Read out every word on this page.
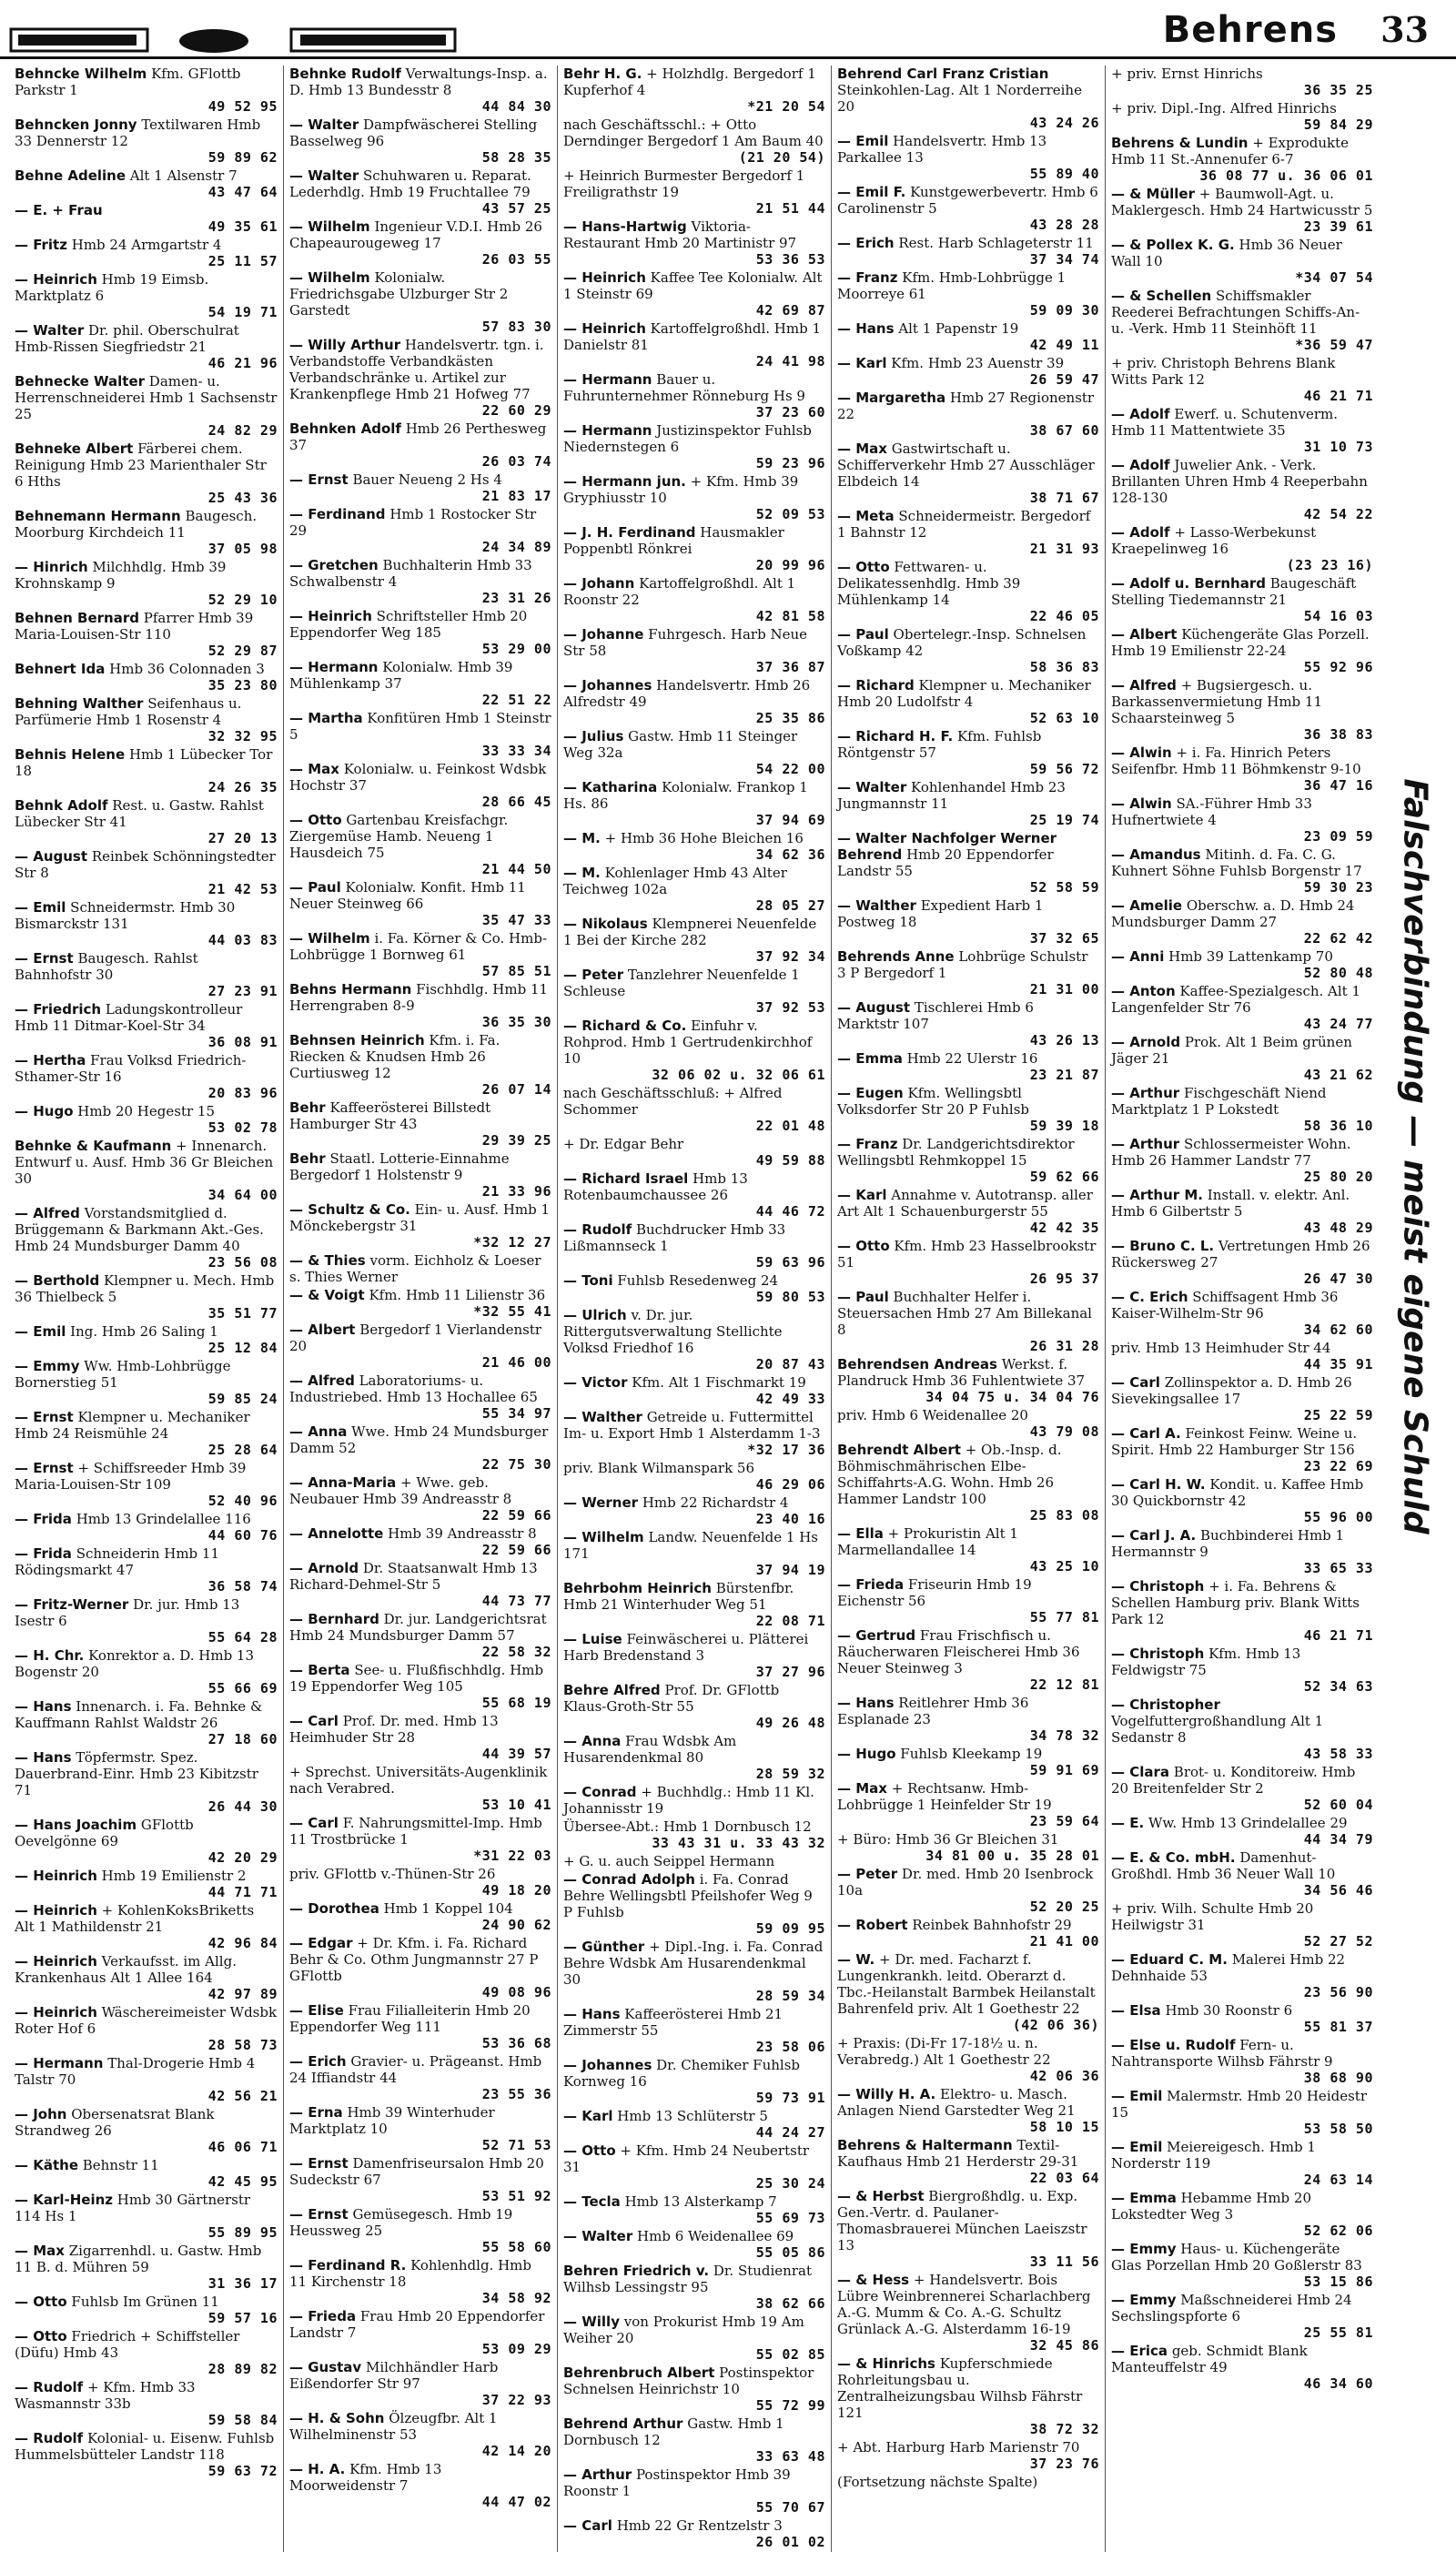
Behrens 33
Behncke Wilhelm Kfm. GFlottb Parkstr 1
49 52 95
Behncken Jonny Textilwaren Hmb 33 Dennerstr 12
59 89 62
Behne Adeline Alt 1 Alsenstr 7
43 47 64
— E. + Frau
49 35 61
— Fritz Hmb 24 Armgartstr 4
25 11 57
— Heinrich Hmb 19 Eimsb. Marktplatz 6
54 19 71
— Walter Dr. phil. Oberschulrat Hmb-Rissen Siegfriedstr 21
46 21 96
Behnecke Walter Damen- u. Herrenschneiderei Hmb 1 Sachsenstr 25
24 82 29
Behneke Albert Färberei chem. Reinigung Hmb 23 Marienthaler Str 6 Hths
25 43 36
Behnemann Hermann Baugesch. Moorburg Kirchdeich 11
37 05 98
— Hinrich Milchhdlg. Hmb 39 Krohnskamp 9
52 29 10
Behnen Bernard Pfarrer Hmb 39 Maria-Louisen-Str 110
52 29 87
Behnert Ida Hmb 36 Colonnaden 3
35 23 80
Behning Walther Seifenhaus u. Parfümerie Hmb 1 Rosenstr 4
32 32 95
Behnis Helene Hmb 1 Lübecker Tor 18
24 26 35
Behnk Adolf Rest. u. Gastw. Rahlst Lübecker Str 41
27 20 13
— August Reinbek Schönningstedter Str 8
21 42 53
— Emil Schneidermstr. Hmb 30 Bismarckstr 131
44 03 83
— Ernst Baugesch. Rahlst Bahnhofstr 30
27 23 91
— Friedrich Ladungskontrolleur Hmb 11 Ditmar-Koel-Str 34
36 08 91
— Hertha Frau Volksd Friedrich-Sthamer-Str 16
20 83 96
— Hugo Hmb 20 Hegestr 15
53 02 78
Behnke & Kaufmann + Innenarch. Entwurf u. Ausf. Hmb 36 Gr Bleichen 30
34 64 00
— Alfred Vorstandsmitglied d. Brüggemann & Barkmann Akt.-Ges. Hmb 24 Mundsburger Damm 40
23 56 08
— Berthold Klempner u. Mech. Hmb 36 Thielbeck 5
35 51 77
— Emil Ing. Hmb 26 Saling 1
25 12 84
— Emmy Ww. Hmb-Lohbrügge Bornerstieg 51
59 85 24
— Ernst Klempner u. Mechaniker Hmb 24 Reismühle 24
25 28 64
— Ernst + Schiffsreeder Hmb 39 Maria-Louisen-Str 109
52 40 96
— Frida Hmb 13 Grindelallee 116
44 60 76
— Frida Schneiderin Hmb 11 Rödingsmarkt 47
36 58 74
— Fritz-Werner Dr. jur. Hmb 13 Isestr 6
55 64 28
— H. Chr. Konrektor a. D. Hmb 13 Bogenstr 20
55 66 69
— Hans Innenarch. i. Fa. Behnke & Kauffmann Rahlst Waldstr 26
27 18 60
— Hans Töpfermstr. Spez. Dauerbrand-Einr. Hmb 23 Kibitzstr 71
26 44 30
— Hans Joachim GFlottb Oevelgönne 69
42 20 29
— Heinrich Hmb 19 Emilienstr 2
44 71 71
— Heinrich + KohlenKoksBriketts Alt 1 Mathildenstr 21
42 96 84
— Heinrich Verkaufsst. im Allg. Krankenhaus Alt 1 Allee 164
42 97 89
— Heinrich Wäschereimeister Wdsbk Roter Hof 6
28 58 73
— Hermann Thal-Drogerie Hmb 4 Talstr 70
42 56 21
— John Obersenatsrat Blank Strandweg 26
46 06 71
— Käthe Behnstr 11
42 45 95
— Karl-Heinz Hmb 30 Gärtnerstr 114 Hs 1
55 89 95
— Max Zigarrenhdl. u. Gastw. Hmb 11 B. d. Mühren 59
31 36 17
— Otto Fuhlsb Im Grünen 11
59 57 16
— Otto Friedrich + Schiffsteller (Düfu) Hmb 43
28 89 82
— Rudolf + Kfm. Hmb 33 Wasmannstr 33b
59 58 84
— Rudolf Kolonial- u. Eisenw. Fuhlsb Hummelsbütteler Landstr 118
59 63 72
Behnke Rudolf Verwaltungs-Insp. a. D. Hmb 13 Bundesstr 8
44 84 30
— Walter Dampfwäscherei Stelling Basselweg 96
58 28 35
— Walter Schuhwaren u. Reparat. Lederhdlg. Hmb 19 Fruchtallee 79
43 57 25
— Wilhelm Ingenieur V.D.I. Hmb 26 Chapeaurougeweg 17
26 03 55
— Wilhelm Kolonialw. Friedrichsgabe Ulzburger Str 2 Garstedt
57 83 30
— Willy Arthur Handelsvertr. tgn. i. Verbandstoffe Verbandkästen Verbandschränke u. Artikel zur Krankenpflege Hmb 21 Hofweg 77
22 60 29
Behnken Adolf Hmb 26 Perthesweg 37
26 03 74
— Ernst Bauer Neueng 2 Hs 4
21 83 17
— Ferdinand Hmb 1 Rostocker Str 29
24 34 89
— Gretchen Buchhalterin Hmb 33 Schwalbenstr 4
23 31 26
— Heinrich Schriftsteller Hmb 20 Eppendorfer Weg 185
53 29 00
— Hermann Kolonialw. Hmb 39 Mühlenkamp 37
22 51 22
— Martha Konfitüren Hmb 1 Steinstr 5
33 33 34
— Max Kolonialw. u. Feinkost Wdsbk Hochstr 37
28 66 45
— Otto Gartenbau Kreisfachgr. Ziergemüse Hamb. Neueng 1 Hausdeich 75
21 44 50
— Paul Kolonialw. Konfit. Hmb 11 Neuer Steinweg 66
35 47 33
— Wilhelm i. Fa. Körner & Co. Hmb-Lohbrügge 1 Bornweg 61
57 85 51
Behns Hermann Fischhdlg. Hmb 11 Herrengraben 8-9
36 35 30
Behnsen Heinrich Kfm. i. Fa. Riecken & Knudsen Hmb 26 Curtiusweg 12
26 07 14
Behr Kaffeerösterei Billstedt Hamburger Str 43
29 39 25
Behr Staatl. Lotterie-Einnahme Bergedorf 1 Holstenstr 9
21 33 96
— Schultz & Co. Ein- u. Ausf. Hmb 1 Mönckebergstr 31
*32 12 27
— & Thies vorm. Eichholz & Loeser s. Thies Werner
— & Voigt Kfm. Hmb 11 Lilienstr 36
*32 55 41
— Albert Bergedorf 1 Vierlandenstr 20
21 46 00
— Alfred Laboratoriums- u. Industriebed. Hmb 13 Hochallee 65
55 34 97
— Anna Wwe. Hmb 24 Mundsburger Damm 52
22 75 30
— Anna-Maria + Wwe. geb. Neubauer Hmb 39 Andreasstr 8
22 59 66
— Annelotte Hmb 39 Andreasstr 8
22 59 66
— Arnold Dr. Staatsanwalt Hmb 13 Richard-Dehmel-Str 5
44 73 77
— Bernhard Dr. jur. Landgerichtsrat Hmb 24 Mundsburger Damm 57
22 58 32
— Berta See- u. Flußfischhdlg. Hmb 19 Eppendorfer Weg 105
55 68 19
— Carl Prof. Dr. med. Hmb 13 Heimhuder Str 28
44 39 57
+ Sprechst. Universitäts-Augenklinik nach Verabred.
53 10 41
— Carl F. Nahrungsmittel-Imp. Hmb 11 Trostbrücke 1
*31 22 03
priv. GFlottb v.-Thünen-Str 26
49 18 20
— Dorothea Hmb 1 Koppel 104
24 90 62
— Edgar + Dr. Kfm. i. Fa. Richard Behr & Co. Othm Jungmannstr 27 P GFlottb
49 08 96
— Elise Frau Filialleiterin Hmb 20 Eppendorfer Weg 111
53 36 68
— Erich Gravier- u. Prägeanst. Hmb 24 Iffiandstr 44
23 55 36
— Erna Hmb 39 Winterhuder Marktplatz 10
52 71 53
— Ernst Damenfriseursalon Hmb 20 Sudeckstr 67
53 51 92
— Ernst Gemüsegesch. Hmb 19 Heussweg 25
55 58 60
— Ferdinand R. Kohlenhdlg. Hmb 11 Kirchenstr 18
34 58 92
— Frieda Frau Hmb 20 Eppendorfer Landstr 7
53 09 29
— Gustav Milchhändler Harb Eißendorfer Str 97
37 22 93
— H. & Sohn Ölzeugfbr. Alt 1 Wilhelminenstr 53
42 14 20
— H. A. Kfm. Hmb 13 Moorweidenstr 7
44 47 02
Behr H. G. + Holzhdlg. Bergedorf 1 Kupferhof 4
*21 20 54
nach Geschäftsschl.: + Otto Derndinger Bergedorf 1 Am Baum 40
(21 20 54)
+ Heinrich Burmester Bergedorf 1 Freiligrathstr 19
21 51 44
— Hans-Hartwig Viktoria-Restaurant Hmb 20 Martinistr 97
53 36 53
— Heinrich Kaffee Tee Kolonialw. Alt 1 Steinstr 69
42 69 87
— Heinrich Kartoffelgroßhdl. Hmb 1 Danielstr 81
24 41 98
— Hermann Bauer u. Fuhrunternehmer Rönneburg Hs 9
37 23 60
— Hermann Justizinspektor Fuhlsb Niedernstegen 6
59 23 96
— Hermann jun. + Kfm. Hmb 39 Gryphiusstr 10
52 09 53
— J. H. Ferdinand Hausmakler Poppenbtl Rönkrei
20 99 96
— Johann Kartoffelgroßhdl. Alt 1 Roonstr 22
42 81 58
— Johanne Fuhrgesch. Harb Neue Str 58
37 36 87
— Johannes Handelsvertr. Hmb 26 Alfredstr 49
25 35 86
— Julius Gastw. Hmb 11 Steinger Weg 32a
54 22 00
— Katharina Kolonialw. Frankop 1 Hs. 86
37 94 69
— M. + Hmb 36 Hohe Bleichen 16
34 62 36
— M. Kohlenlager Hmb 43 Alter Teichweg 102a
28 05 27
— Nikolaus Klempnerei Neuenfelde 1 Bei der Kirche 282
37 92 34
— Peter Tanzlehrer Neuenfelde 1 Schleuse
37 92 53
— Richard & Co. Einfuhr v. Rohprod. Hmb 1 Gertrudenkirchhof 10
32 06 02 u. 32 06 61
nach Geschäftsschluß: + Alfred Schommer
22 01 48
+ Dr. Edgar Behr
49 59 88
— Richard Israel Hmb 13 Rotenbaumchaussee 26
44 46 72
— Rudolf Buchdrucker Hmb 33 Lißmannseck 1
59 63 96
— Toni Fuhlsb Resedenweg 24
59 80 53
— Ulrich v. Dr. jur. Rittergutsverwaltung Stellichte Volksd Friedhof 16
20 87 43
— Victor Kfm. Alt 1 Fischmarkt 19
42 49 33
— Walther Getreide u. Futtermittel Im- u. Export Hmb 1 Alsterdamm 1-3
*32 17 36
priv. Blank Wilmanspark 56
46 29 06
— Werner Hmb 22 Richardstr 4
23 40 16
— Wilhelm Landw. Neuenfelde 1 Hs 171
37 94 19
Behrbohm Heinrich Bürstenfbr. Hmb 21 Winterhuder Weg 51
22 08 71
— Luise Feinwäscherei u. Plätterei Harb Bredenstand 3
37 27 96
Behre Alfred Prof. Dr. GFlottb Klaus-Groth-Str 55
49 26 48
— Anna Frau Wdsbk Am Husarendenkmal 80
28 59 32
— Conrad + Buchhdlg.: Hmb 11 Kl. Johannisstr 19
Übersee-Abt.: Hmb 1 Dornbusch 12
33 43 31 u. 33 43 32
+ G. u. auch Seippel Hermann
— Conrad Adolph i. Fa. Conrad Behre Wellingsbtl Pfeilshofer Weg 9 P Fuhlsb
59 09 95
— Günther + Dipl.-Ing. i. Fa. Conrad Behre Wdsbk Am Husarendenkmal 30
28 59 34
— Hans Kaffeerösterei Hmb 21 Zimmerstr 55
23 58 06
— Johannes Dr. Chemiker Fuhlsb Kornweg 16
59 73 91
— Karl Hmb 13 Schlüterstr 5
44 24 27
— Otto + Kfm. Hmb 24 Neubertstr 31
25 30 24
— Tecla Hmb 13 Alsterkamp 7
55 69 73
— Walter Hmb 6 Weidenallee 69
55 05 86
Behren Friedrich v. Dr. Studienrat Wilhsb Lessingstr 95
38 62 66
— Willy von Prokurist Hmb 19 Am Weiher 20
55 02 85
Behrenbruch Albert Postinspektor Schnelsen Heinrichstr 10
55 72 99
Behrend Arthur Gastw. Hmb 1 Dornbusch 12
33 63 48
— Arthur Postinspektor Hmb 39 Roonstr 1
55 70 67
— Carl Hmb 22 Gr Rentzelstr 3
26 01 02
Behrend Carl Franz Cristian Steinkohlen-Lag. Alt 1 Norderreihe 20
43 24 26
— Emil Handelsvertr. Hmb 13 Parkallee 13
55 89 40
— Emil F. Kunstgewerbevertr. Hmb 6 Carolinenstr 5
43 28 28
— Erich Rest. Harb Schlageterstr 11
37 34 74
— Franz Kfm. Hmb-Lohbrügge 1 Moorreye 61
59 09 30
— Hans Alt 1 Papenstr 19
42 49 11
— Karl Kfm. Hmb 23 Auenstr 39
26 59 47
— Margaretha Hmb 27 Regionenstr 22
38 67 60
— Max Gastwirtschaft u. Schifferverkehr Hmb 27 Ausschläger Elbdeich 14
38 71 67
— Meta Schneidermeistr. Bergedorf 1 Bahnstr 12
21 31 93
— Otto Fettwaren- u. Delikatessenhdlg. Hmb 39 Mühlenkamp 14
22 46 05
— Paul Obertelegr.-Insp. Schnelsen Voßkamp 42
58 36 83
— Richard Klempner u. Mechaniker Hmb 20 Ludolfstr 4
52 63 10
— Richard H. F. Kfm. Fuhlsb Röntgenstr 57
59 56 72
— Walter Kohlenhandel Hmb 23 Jungmannstr 11
25 19 74
— Walter Nachfolger Werner Behrend Hmb 20 Eppendorfer Landstr 55
52 58 59
— Walther Expedient Harb 1 Postweg 18
37 32 65
Behrends Anne Lohbrüge Schulstr 3 P Bergedorf 1
21 31 00
— August Tischlerei Hmb 6 Marktstr 107
43 26 13
— Emma Hmb 22 Ulerstr 16
23 21 87
— Eugen Kfm. Wellingsbtl Volksdorfer Str 20 P Fuhlsb
59 39 18
— Franz Dr. Landgerichtsdirektor Wellingsbtl Rehmkoppel 15
59 62 66
— Karl Annahme v. Autotransp. aller Art Alt 1 Schauenburgerstr 55
42 42 35
— Otto Kfm. Hmb 23 Hasselbrookstr 51
26 95 37
— Paul Buchhalter Helfer i. Steuersachen Hmb 27 Am Billekanal 8
26 31 28
Behrendsen Andreas Werkst. f. Plandruck Hmb 36 Fuhlentwiete 37
34 04 75 u. 34 04 76
priv. Hmb 6 Weidenallee 20
43 79 08
Behrendt Albert + Ob.-Insp. d. Böhmischmährischen Elbe-Schiffahrts-A.G. Wohn. Hmb 26 Hammer Landstr 100
25 83 08
— Ella + Prokuristin Alt 1 Marmellandallee 14
43 25 10
— Frieda Friseurin Hmb 19 Eichenstr 56
55 77 81
— Gertrud Frau Frischfisch u. Räucherwaren Fleischerei Hmb 36 Neuer Steinweg 3
22 12 81
— Hans Reitlehrer Hmb 36 Esplanade 23
34 78 32
— Hugo Fuhlsb Kleekamp 19
59 91 69
— Max + Rechtsanw. Hmb-Lohbrügge 1 Heinfelder Str 19
23 59 64
+ Büro: Hmb 36 Gr Bleichen 31
34 81 00 u. 35 28 01
— Peter Dr. med. Hmb 20 Isenbrock 10a
52 20 25
— Robert Reinbek Bahnhofstr 29
21 41 00
— W. + Dr. med. Facharzt f. Lungenkrankh. leitd. Oberarzt d. Tbc.-Heilanstalt Barmbek Heilanstalt Bahrenfeld priv. Alt 1 Goethestr 22
(42 06 36)
+ Praxis: (Di-Fr 17-18½ u. n. Verabredg.) Alt 1 Goethestr 22
42 06 36
— Willy H. A. Elektro- u. Masch. Anlagen Niend Garstedter Weg 21
58 10 15
Behrens & Haltermann Textil-Kaufhaus Hmb 21 Herderstr 29-31
22 03 64
— & Herbst Biergroßhdlg. u. Exp. Gen.-Vertr. d. Paulaner-Thomasbrauerei München Laeiszstr 13
33 11 56
— & Hess + Handelsvertr. Bois Lübre Weinbrennerei Scharlachberg A.-G. Mumm & Co. A.-G. Schultz Grünlack A.-G. Alsterdamm 16-19
32 45 86
— & Hinrichs Kupferschmiede Rohrleitungsbau u. Zentralheizungsbau Wilhsb Fährstr 121
38 72 32
+ Abt. Harburg Harb Marienstr 70
37 23 76
(Fortsetzung nächste Spalte)
+ priv. Ernst Hinrichs
36 35 25
+ priv. Dipl.-Ing. Alfred Hinrichs
59 84 29
Behrens & Lundin + Exprodukte Hmb 11 St.-Annenufer 6-7
36 08 77 u. 36 06 01
— & Müller + Baumwoll-Agt. u. Maklergesch. Hmb 24 Hartwicusstr 5
23 39 61
— & Pollex K. G. Hmb 36 Neuer Wall 10
*34 07 54
— & Schellen Schiffsmakler Reederei Befrachtungen Schiffs-An- u. -Verk. Hmb 11 Steinhöft 11
*36 59 47
+ priv. Christoph Behrens Blank Witts Park 12
46 21 71
— Adolf Ewerf. u. Schutenverm. Hmb 11 Mattentwiete 35
31 10 73
— Adolf Juwelier Ank. - Verk. Brillanten Uhren Hmb 4 Reeperbahn 128-130
42 54 22
— Adolf + Lasso-Werbekunst Kraepelinweg 16
(23 23 16)
— Adolf u. Bernhard Baugeschäft Stelling Tiedemannstr 21
54 16 03
— Albert Küchengeräte Glas Porzell. Hmb 19 Emilienstr 22-24
55 92 96
— Alfred + Bugsiergesch. u. Barkassenvermietung Hmb 11 Schaarsteinweg 5
36 38 83
— Alwin + i. Fa. Hinrich Peters Seifenfbr. Hmb 11 Böhmkenstr 9-10
36 47 16
— Alwin SA.-Führer Hmb 33 Hufnertwiete 4
23 09 59
— Amandus Mitinh. d. Fa. C. G. Kuhnert Söhne Fuhlsb Borgenstr 17
59 30 23
— Amelie Oberschw. a. D. Hmb 24 Mundsburger Damm 27
22 62 42
— Anni Hmb 39 Lattenkamp 70
52 80 48
— Anton Kaffee-Spezialgesch. Alt 1 Langenfelder Str 76
43 24 77
— Arnold Prok. Alt 1 Beim grünen Jäger 21
43 21 62
— Arthur Fischgeschäft Niend Marktplatz 1 P Lokstedt
58 36 10
— Arthur Schlossermeister Wohn. Hmb 26 Hammer Landstr 77
25 80 20
— Arthur M. Install. v. elektr. Anl. Hmb 6 Gilbertstr 5
43 48 29
— Bruno C. L. Vertretungen Hmb 26 Rückersweg 27
26 47 30
— C. Erich Schiffsagent Hmb 36 Kaiser-Wilhelm-Str 96
34 62 60
priv. Hmb 13 Heimhuder Str 44
44 35 91
— Carl Zollinspektor a. D. Hmb 26 Sievekingsallee 17
25 22 59
— Carl A. Feinkost Feinw. Weine u. Spirit. Hmb 22 Hamburger Str 156
23 22 69
— Carl H. W. Kondit. u. Kaffee Hmb 30 Quickbornstr 42
55 96 00
— Carl J. A. Buchbinderei Hmb 1 Hermannstr 9
33 65 33
— Christoph + i. Fa. Behrens & Schellen Hamburg priv. Blank Witts Park 12
46 21 71
— Christoph Kfm. Hmb 13 Feldwigstr 75
52 34 63
— Christopher Vogelfuttergroßhandlung Alt 1 Sedanstr 8
43 58 33
— Clara Brot- u. Konditoreiw. Hmb 20 Breitenfelder Str 2
52 60 04
— E. Ww. Hmb 13 Grindelallee 29
44 34 79
— E. & Co. mbH. Damenhut-Großhdl. Hmb 36 Neuer Wall 10
34 56 46
+ priv. Wilh. Schulte Hmb 20 Heilwigstr 31
52 27 52
— Eduard C. M. Malerei Hmb 22 Dehnhaide 53
23 56 90
— Elsa Hmb 30 Roonstr 6
55 81 37
— Else u. Rudolf Fern- u. Nahtransporte Wilhsb Fährstr 9
38 68 90
— Emil Malermstr. Hmb 20 Heidestr 15
53 58 50
— Emil Meiereigesch. Hmb 1 Norderstr 119
24 63 14
— Emma Hebamme Hmb 20 Lokstedter Weg 3
52 62 06
— Emmy Haus- u. Küchengeräte Glas Porzellan Hmb 20 Goßlerstr 83
53 15 86
— Emmy Maßschneiderei Hmb 24 Sechslingspforte 6
25 55 81
— Erica geb. Schmidt Blank Manteuffelstr 49
46 34 60
Falschverbindung — meist eigene Schuld
